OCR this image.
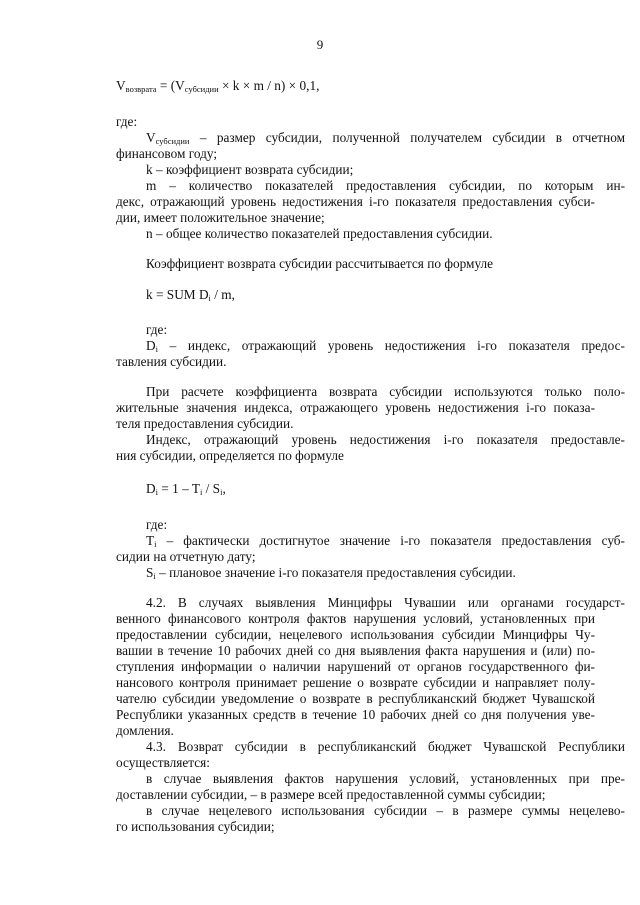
9
$V_{возврата} = (V_{субсидии} \times k \times m / n) \times 0,1$,
где:
$V_{субсидии}$ – размер субсидии, полученной получателем субсидии в отчетном
финансовом году;
k – коэффициент возврата субсидии;
m – количество показателей предоставления субсидии, по которым ин-
декс, отражающий уровень недостижения i-го показателя предоставления субси-
дии, имеет положительное значение;
n – общее количество показателей предоставления субсидии.
Коэффициент возврата субсидии рассчитывается по формуле
k = SUM $D_i$ / m,
где:
$D_i$ – индекс, отражающий уровень недостижения i-го показателя предос-
тавления субсидии.
При расчете коэффициента возврата субсидии используются только поло-
жительные значения индекса, отражающего уровень недостижения i-го показа-
теля предоставления субсидии.
Индекс, отражающий уровень недостижения i-го показателя предоставле-
ния субсидии, определяется по формуле
$D_i = 1 - T_i / S_i$,
где:
$T_i$ – фактически достигнутое значение i-го показателя предоставления суб-
сидии на отчетную дату;
$S_i$ – плановое значение i-го показателя предоставления субсидии.
4.2. В случаях выявления Минцифры Чувашии или органами государст-
венного финансового контроля фактов нарушения условий, установленных при
предоставлении субсидии, нецелевого использования субсидии Минцифры Чу-
вашии в течение 10 рабочих дней со дня выявления факта нарушения и (или) по-
ступления информации о наличии нарушений от органов государственного фи-
нансового контроля принимает решение о возврате субсидии и направляет полу-
чателю субсидии уведомление о возврате в республиканский бюджет Чувашской
Республики указанных средств в течение 10 рабочих дней со дня получения уве-
домления.
4.3. Возврат субсидии в республиканский бюджет Чувашской Республики
осуществляется:
в случае выявления фактов нарушения условий, установленных при пре-
доставлении субсидии, – в размере всей предоставленной суммы субсидии;
в случае нецелевого использования субсидии – в размере суммы нецелево-
го использования субсидии;
